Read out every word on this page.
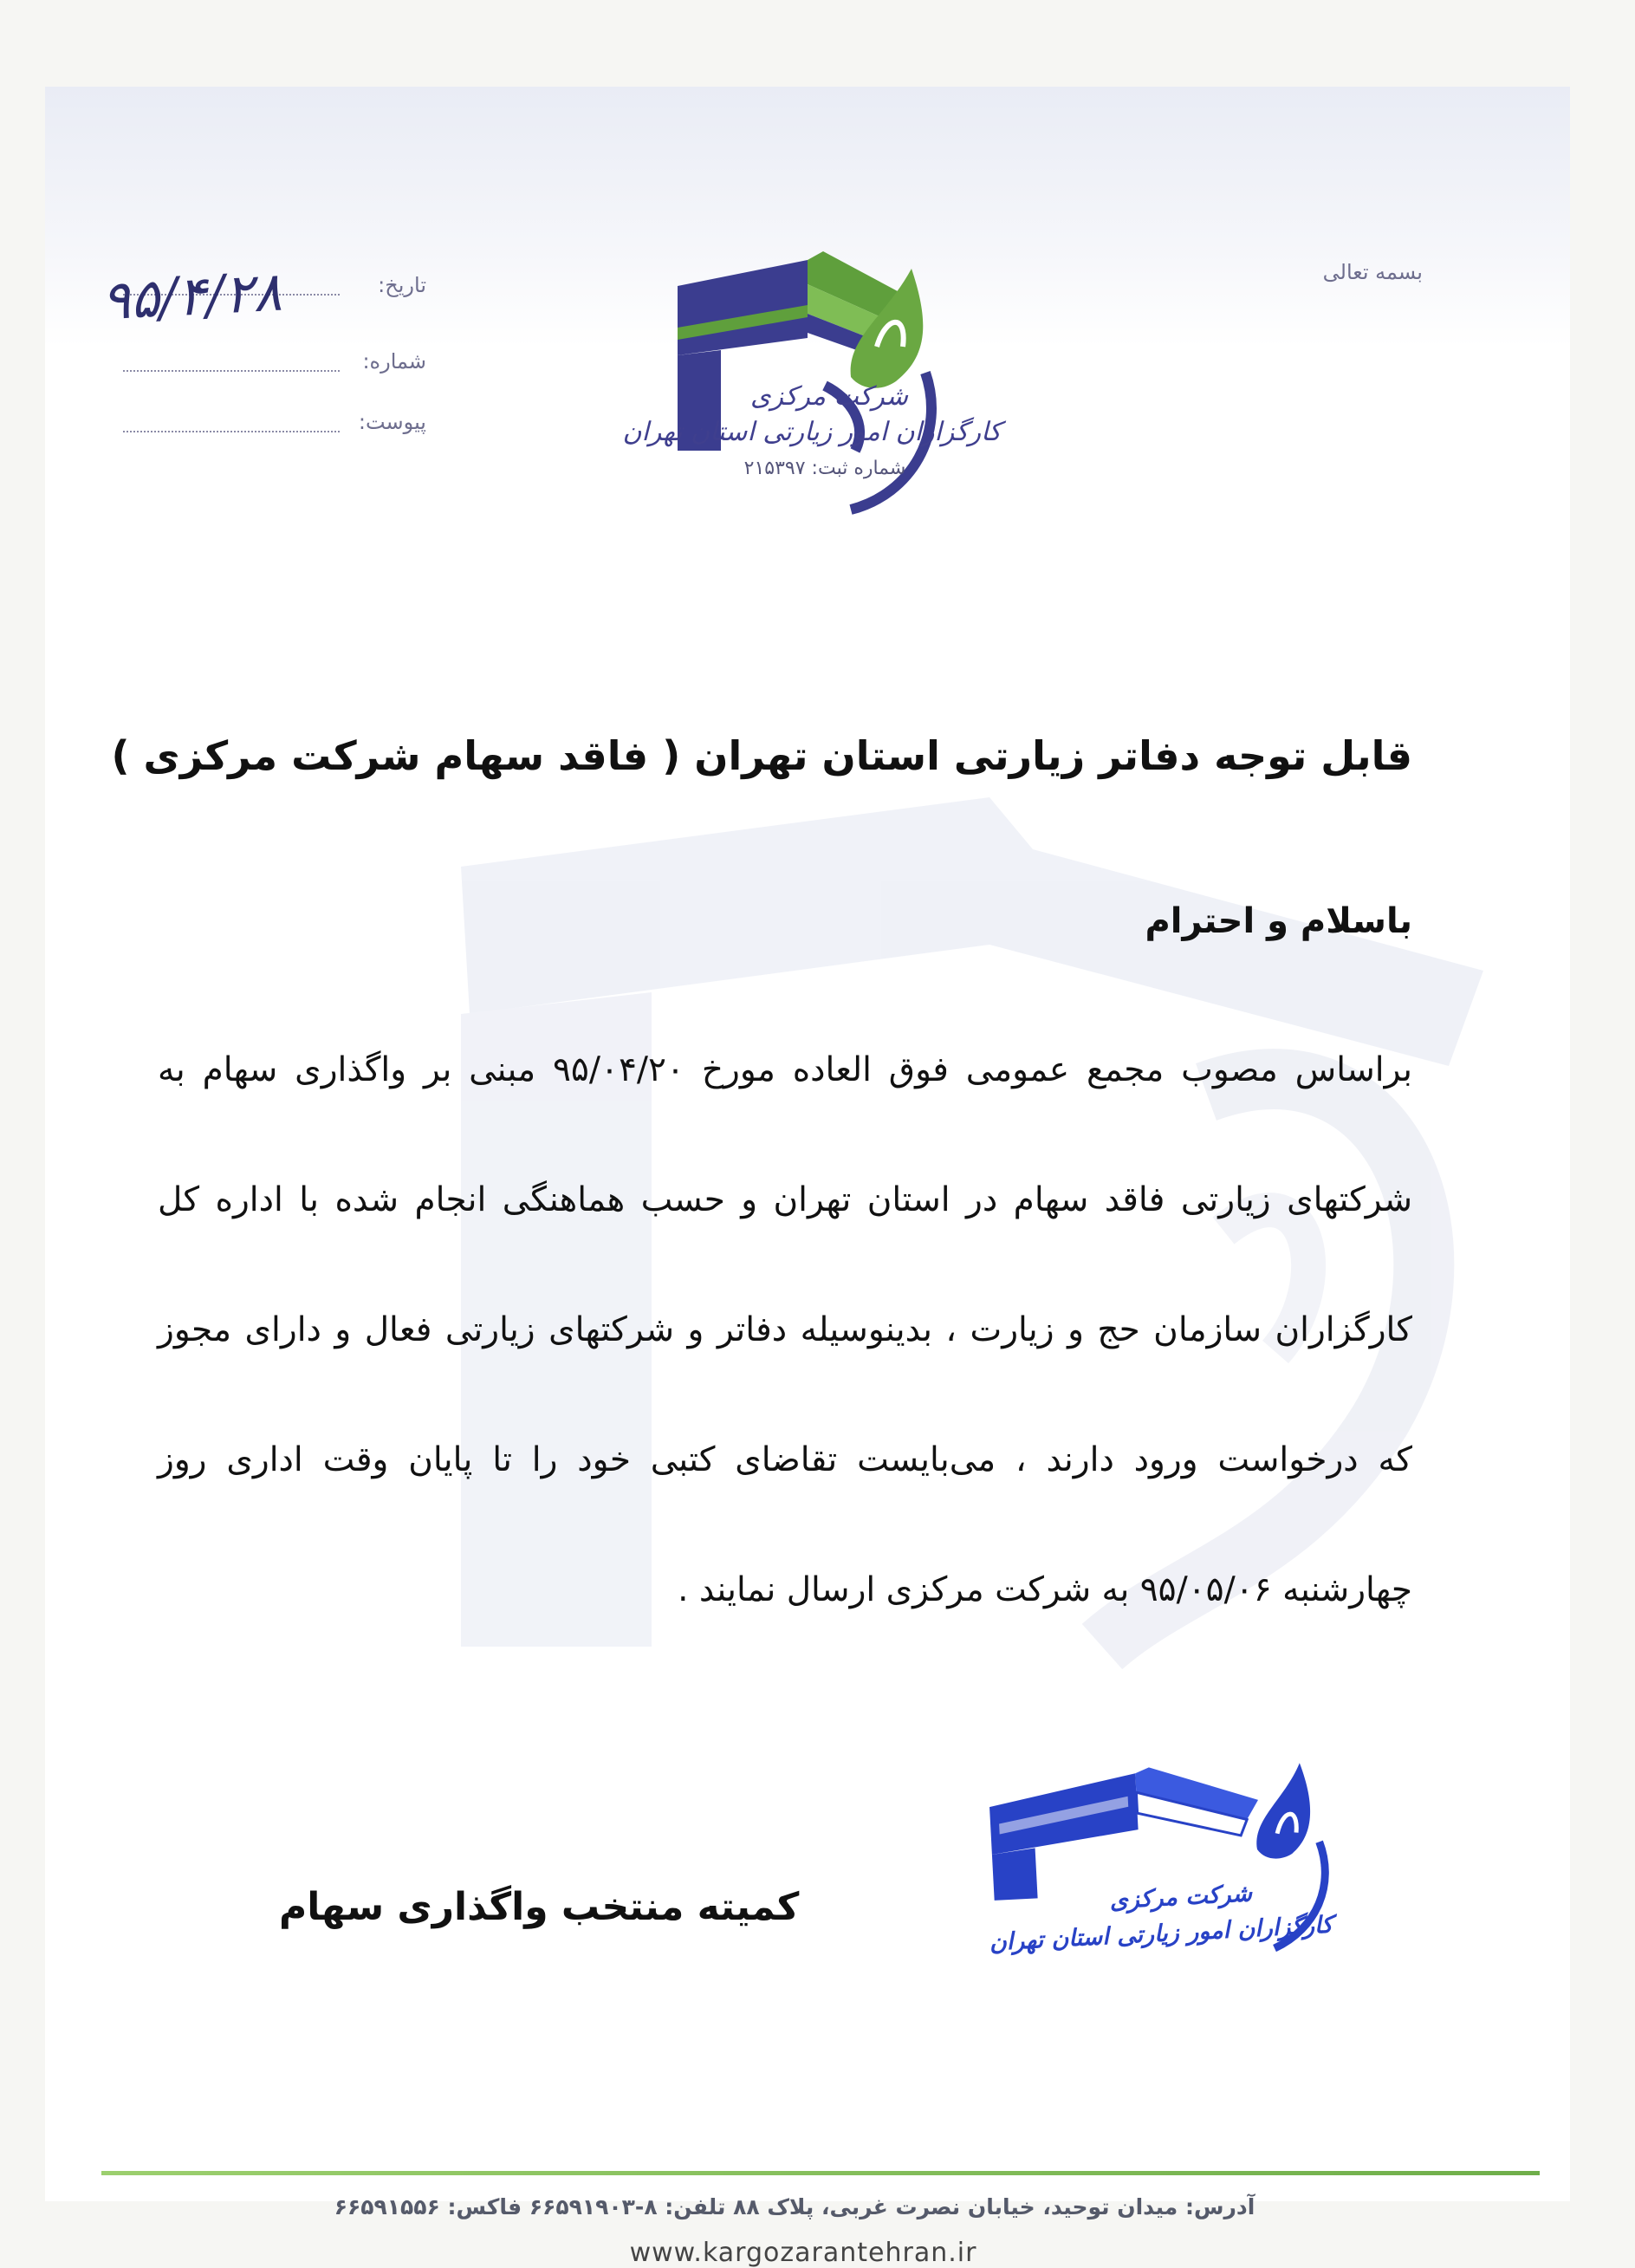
بسمه تعالی
تاریخ:
۹۵/۴/۲۸
شماره:
پیوست:
شرکت مرکزی
کارگزاران امور زیارتی استان تهران
شماره ثبت: ۲۱۵۳۹۷
قابل توجه دفاتر زیارتی استان تهران ( فاقد سهام شرکت مرکزی )
باسلام و احترام
براساس مصوب مجمع عمومی فوق العاده مورخ ۹۵/۰۴/۲۰ مبنی بر واگذاری سهام به شرکتهای زیارتی فاقد سهام در استان تهران و حسب هماهنگی انجام شده با اداره کل کارگزاران سازمان حج و زیارت ، بدینوسیله دفاتر و شرکتهای زیارتی فعال و دارای مجوز که درخواست ورود دارند ، می‌بایست تقاضای کتبی خود را تا پایان وقت اداری روز چهارشنبه ۹۵/۰۵/۰۶ به شرکت مرکزی ارسال نمایند .
کمیته منتخب واگذاری سهام	شرکت مرکزی
کارگزاران امور زیارتی استان تهران
آدرس: میدان توحید، خیابان نصرت غربی، پلاک ۸۸ تلفن: ۸-۶۶۵۹۱۹۰۳ فاکس: ۶۶۵۹۱۵۵۶
www.kargozarantehran.ir
